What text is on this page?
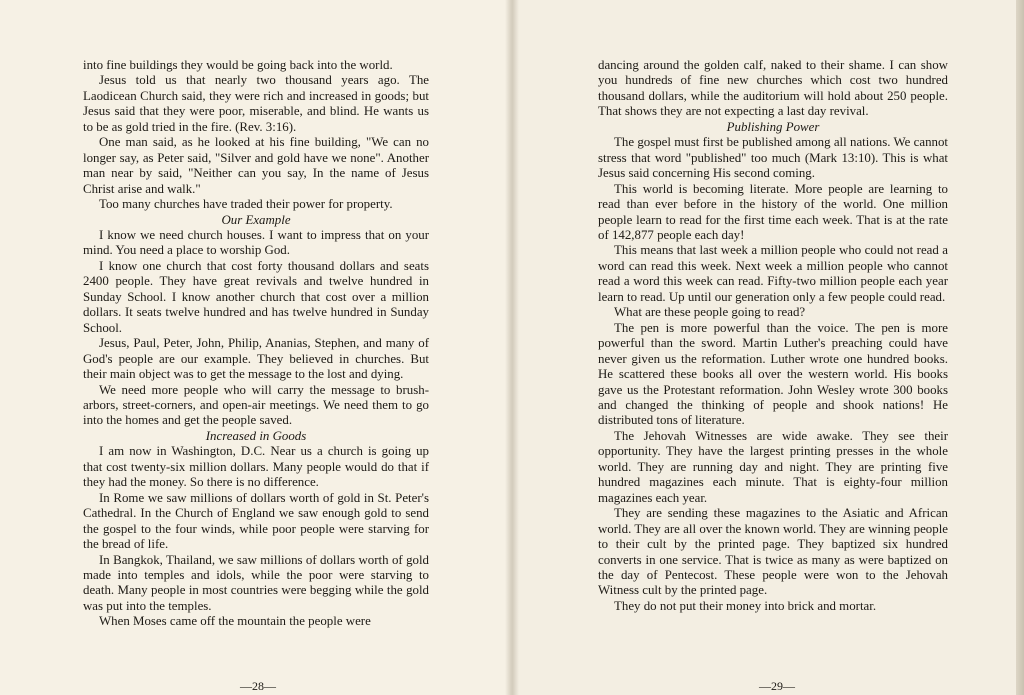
into fine buildings they would be going back into the world.

Jesus told us that nearly two thousand years ago. The Laodicean Church said, they were rich and increased in goods; but Jesus said that they were poor, miserable, and blind. He wants us to be as gold tried in the fire. (Rev. 3:16).

One man said, as he looked at his fine building, "We can no longer say, as Peter said, "Silver and gold have we none". Another man near by said, "Neither can you say, In the name of Jesus Christ arise and walk."

Too many churches have traded their power for property.

Our Example

I know we need church houses. I want to impress that on your mind. You need a place to worship God.

I know one church that cost forty thousand dollars and seats 2400 people. They have great revivals and twelve hundred in Sunday School. I know another church that cost over a million dollars. It seats twelve hundred and has twelve hundred in Sunday School.

Jesus, Paul, Peter, John, Philip, Ananias, Stephen, and many of God's people are our example. They believed in churches. But their main object was to get the message to the lost and dying.

We need more people who will carry the message to brush-arbors, street-corners, and open-air meetings. We need them to go into the homes and get the people saved.

Increased in Goods

I am now in Washington, D.C. Near us a church is going up that cost twenty-six million dollars. Many people would do that if they had the money. So there is no difference.

In Rome we saw millions of dollars worth of gold in St. Peter's Cathedral. In the Church of England we saw enough gold to send the gospel to the four winds, while poor people were starving for the bread of life.

In Bangkok, Thailand, we saw millions of dollars worth of gold made into temples and idols, while the poor were starving to death. Many people in most countries were begging while the gold was put into the temples.

When Moses came off the mountain the people were

—28—

dancing around the golden calf, naked to their shame. I can show you hundreds of fine new churches which cost two hundred thousand dollars, while the auditorium will hold about 250 people. That shows they are not expecting a last day revival.

Publishing Power

The gospel must first be published among all nations. We cannot stress that word "published" too much (Mark 13:10). This is what Jesus said concerning His second coming.

This world is becoming literate. More people are learning to read than ever before in the history of the world. One million people learn to read for the first time each week. That is at the rate of 142,877 people each day!

This means that last week a million people who could not read a word can read this week. Next week a million people who cannot read a word this week can read. Fifty-two million people each year learn to read. Up until our generation only a few people could read.

What are these people going to read?

The pen is more powerful than the voice. The pen is more powerful than the sword. Martin Luther's preaching could have never given us the reformation. Luther wrote one hundred books. He scattered these books all over the western world. His books gave us the Protestant reformation. John Wesley wrote 300 books and changed the thinking of people and shook nations! He distributed tons of literature.

The Jehovah Witnesses are wide awake. They see their opportunity. They have the largest printing presses in the whole world. They are running day and night. They are printing five hundred magazines each minute. That is eighty-four million magazines each year.

They are sending these magazines to the Asiatic and African world. They are all over the known world. They are winning people to their cult by the printed page. They baptized six hundred converts in one service. That is twice as many as were baptized on the day of Pentecost. These people were won to the Jehovah Witness cult by the printed page.

They do not put their money into brick and mortar.

—29—
